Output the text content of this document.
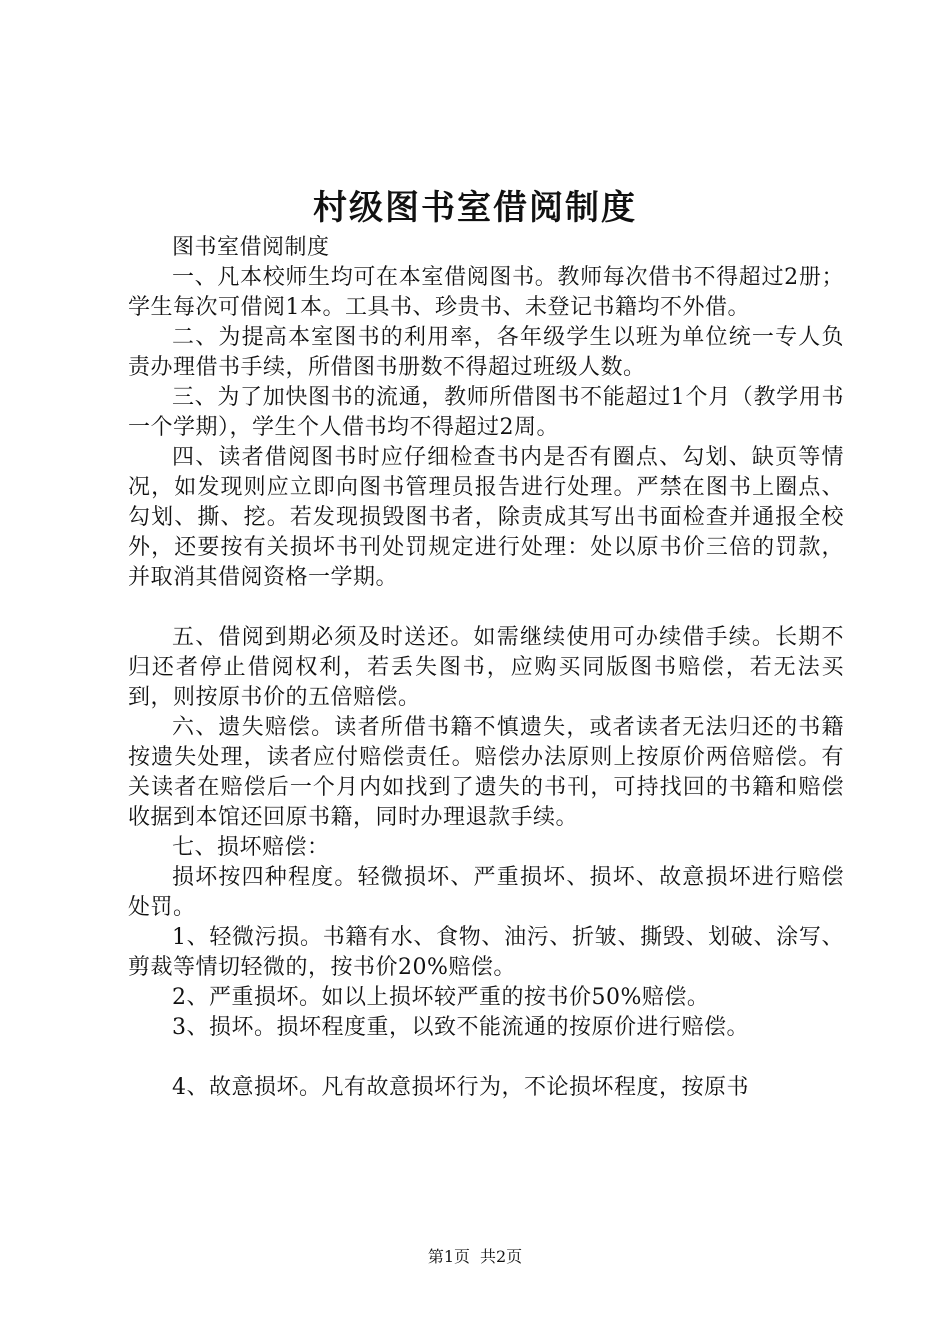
村级图书室借阅制度

图书室借阅制度

一、凡本校师生均可在本室借阅图书。教师每次借书不得超过2册；学生每次可借阅1本。工具书、珍贵书、未登记书籍均不外借。

二、为提高本室图书的利用率，各年级学生以班为单位统一专人负责办理借书手续，所借图书册数不得超过班级人数。

三、为了加快图书的流通，教师所借图书不能超过1个月（教学用书一个学期），学生个人借书均不得超过2周。

四、读者借阅图书时应仔细检查书内是否有圈点、勾划、缺页等情况，如发现则应立即向图书管理员报告进行处理。严禁在图书上圈点、勾划、撕、挖。若发现损毁图书者，除责成其写出书面检查并通报全校外，还要按有关损坏书刊处罚规定进行处理：处以原书价三倍的罚款，并取消其借阅资格一学期。

五、借阅到期必须及时送还。如需继续使用可办续借手续。长期不归还者停止借阅权利，若丢失图书，应购买同版图书赔偿，若无法买到，则按原书价的五倍赔偿。

六、遗失赔偿。读者所借书籍不慎遗失，或者读者无法归还的书籍按遗失处理，读者应付赔偿责任。赔偿办法原则上按原价两倍赔偿。有关读者在赔偿后一个月内如找到了遗失的书刊，可持找回的书籍和赔偿收据到本馆还回原书籍，同时办理退款手续。

七、损坏赔偿：

损坏按四种程度。轻微损坏、严重损坏、损坏、故意损坏进行赔偿处罚。

1、轻微污损。书籍有水、食物、油污、折皱、撕毁、划破、涂写、剪裁等情切轻微的，按书价20%赔偿。

2、严重损坏。如以上损坏较严重的按书价50%赔偿。

3、损坏。损坏程度重，以致不能流通的按原价进行赔偿。

4、故意损坏。凡有故意损坏行为，不论损坏程度，按原书

第1页 共2页
